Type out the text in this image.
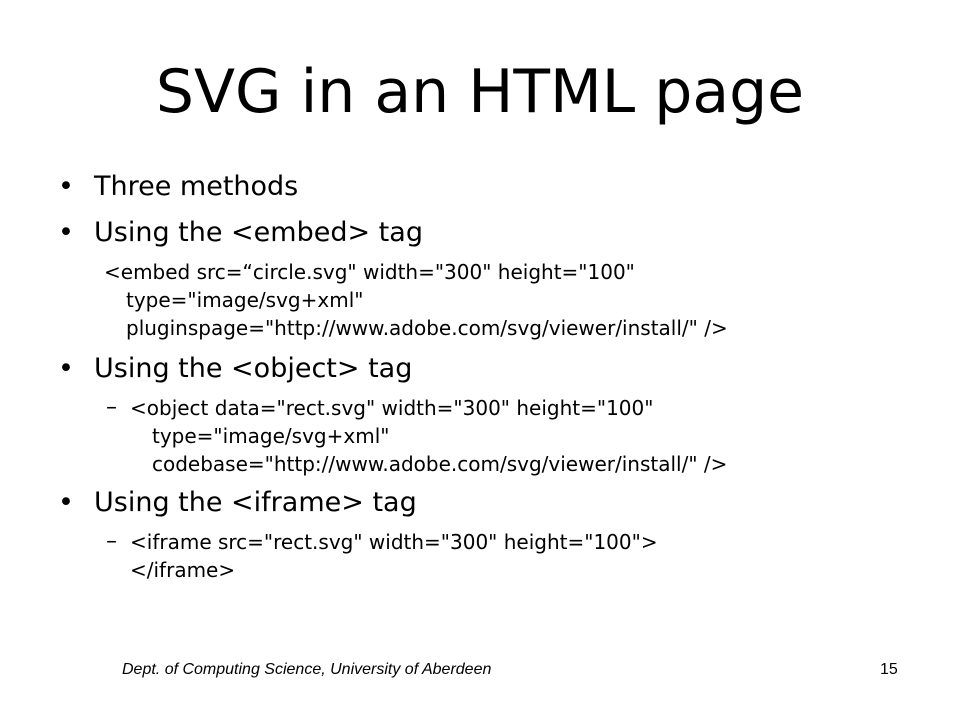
SVG in an HTML page
• Three methods
• Using the <embed> tag
<embed src=“circle.svg" width="300" height="100"
type="image/svg+xml"
pluginspage="http://www.adobe.com/svg/viewer/install/" />
• Using the <object> tag
– <object data="rect.svg" width="300" height="100"
type="image/svg+xml"
codebase="http://www.adobe.com/svg/viewer/install/" />
• Using the <iframe> tag
– <iframe src="rect.svg" width="300" height="100">
</iframe>
Dept. of Computing Science, University of Aberdeen	15
